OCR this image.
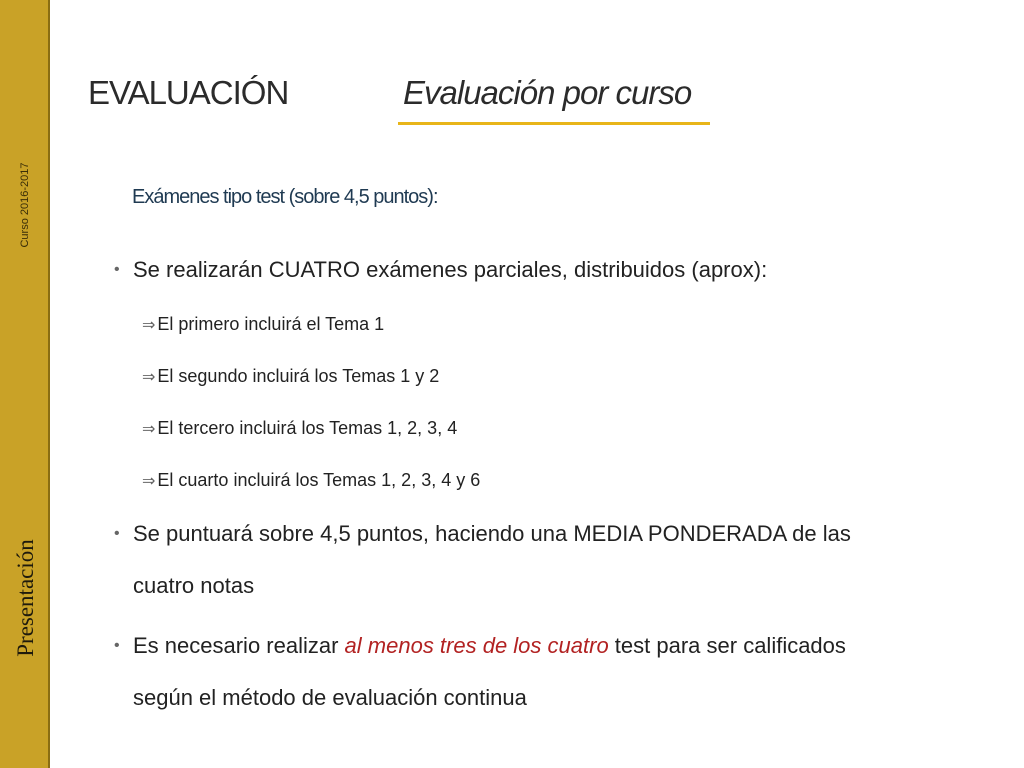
Curso 2016-2017
Presentación
EVALUACIÓN	Evaluación por curso
Exámenes tipo test (sobre 4,5 puntos):
• Se realizarán CUATRO exámenes parciales, distribuidos (aprox):
⇒ El primero incluirá el Tema 1
⇒ El segundo incluirá los Temas 1 y 2
⇒ El tercero incluirá los Temas 1, 2, 3, 4
⇒ El cuarto incluirá los Temas 1, 2, 3, 4 y 6
• Se puntuará sobre 4,5 puntos, haciendo una MEDIA PONDERADA de las
cuatro notas
• Es necesario realizar al menos tres de los cuatro test para ser calificados
según el método de evaluación continua
